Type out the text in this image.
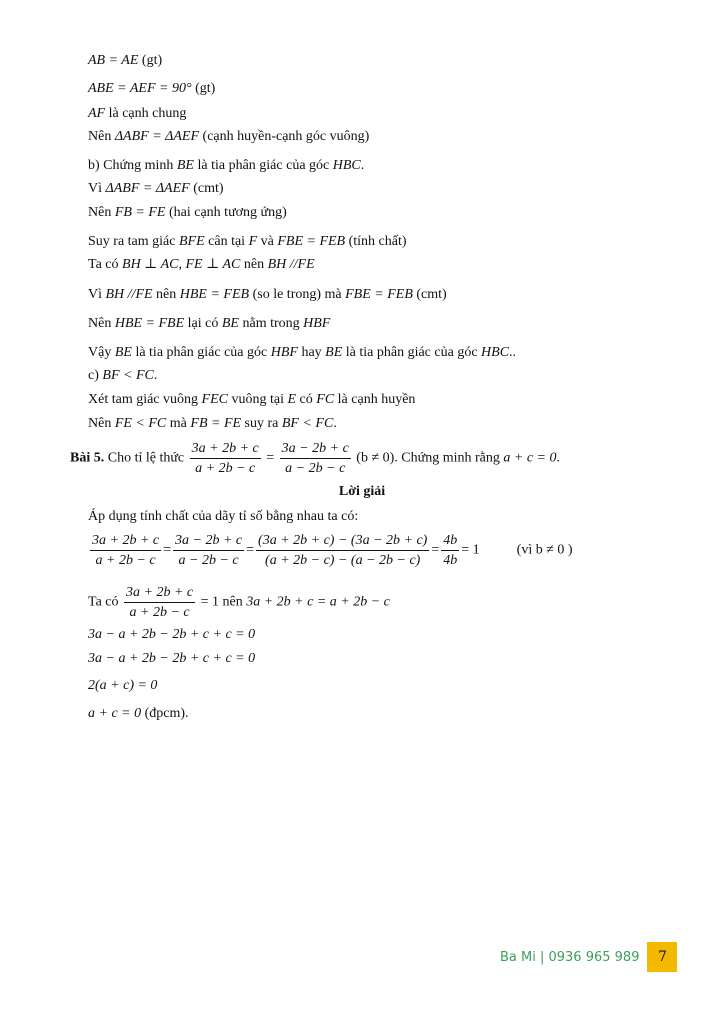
AB = AE (gt)
ABE = AEF = 90° (gt)
AF là cạnh chung
Nên ΔABF = ΔAEF (cạnh huyền-cạnh góc vuông)
b) Chứng minh BE là tia phân giác của góc HBC.
Vì ΔABF = ΔAEF (cmt)
Nên FB = FE (hai cạnh tương ứng)
Suy ra tam giác BFE cân tại F và FBE = FEB (tính chất)
Ta có BH ⊥ AC, FE ⊥ AC nên BH //FE
Vì BH //FE nên HBE = FEB (so le trong) mà FBE = FEB (cmt)
Nên HBE = FBE lại có BE nằm trong HBF
Vậy BE là tia phân giác của góc HBF hay BE là tia phân giác của góc HBC..
c) BF < FC.
Xét tam giác vuông FEC vuông tại E có FC là cạnh huyền
Nên FE < FC mà FB = FE suy ra BF < FC.
Bài 5. Cho tỉ lệ thức $\frac{3a + 2b + c}{a + 2b - c} = \frac{3a - 2b + c}{a - 2b - c} (b \ne 0)$. Chứng minh rằng a + c = 0.
Lời giải
Áp dụng tính chất của dãy tỉ số bằng nhau ta có:
$\frac{3a + 2b + c}{a + 2b - c} = \frac{3a - 2b + c}{a - 2b - c} = \frac{(3a + 2b + c) - (3a - 2b + c)}{(a + 2b - c) - (a - 2b - c)} = \frac{4b}{4b} = 1$	(vì b ≠ 0 )
Ta có $\frac{3a + 2b + c}{a + 2b - c} = 1$ nên 3a + 2b + c = a + 2b − c
3a − a + 2b − 2b + c + c = 0
3a − a + 2b − 2b + c + c = 0
2(a + c) = 0
a + c = 0 (đpcm).
Ba Mi | 0936 965 989	7
